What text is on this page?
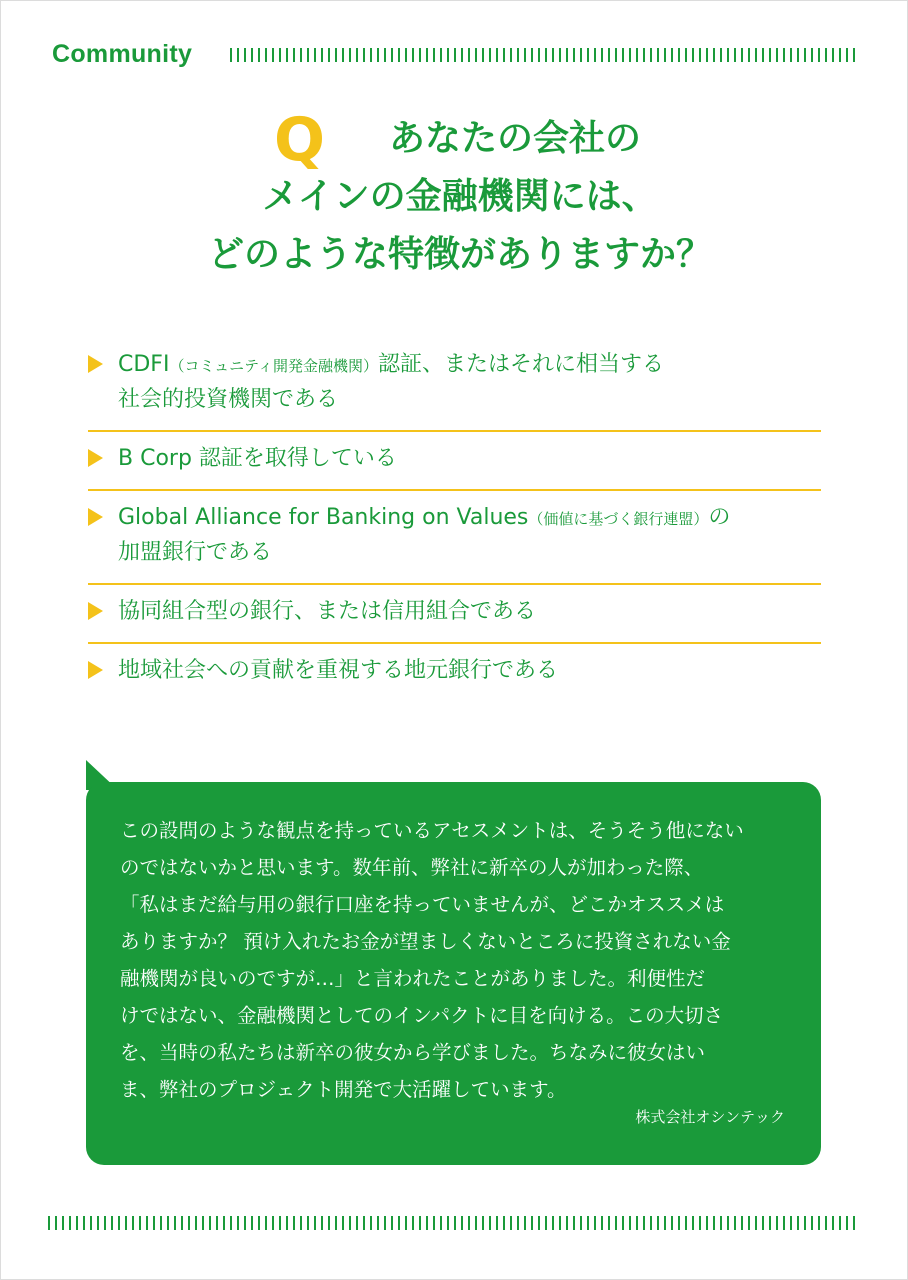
Community
Q	あなたの会社の
メインの金融機関には、
どのような特徴がありますか？
CDFI（コミュニティ開発金融機関）認証、またはそれに相当する
社会的投資機関である
B Corp 認証を取得している
Global Alliance for Banking on Values（価値に基づく銀行連盟）の
加盟銀行である
協同組合型の銀行、または信用組合である
地域社会への貢献を重視する地元銀行である
この設問のような観点を持っているアセスメントは、そうそう他にない
のではないかと思います。数年前、弊社に新卒の人が加わった際、
「私はまだ給与用の銀行口座を持っていませんが、どこかオススメは
ありますか？ 預け入れたお金が望ましくないところに投資されない金
融機関が良いのですが…」と言われたことがありました。利便性だ
けではない、金融機関としてのインパクトに目を向ける。この大切さ
を、当時の私たちは新卒の彼女から学びました。ちなみに彼女はい
ま、弊社のプロジェクト開発で大活躍しています。
株式会社オシンテック
